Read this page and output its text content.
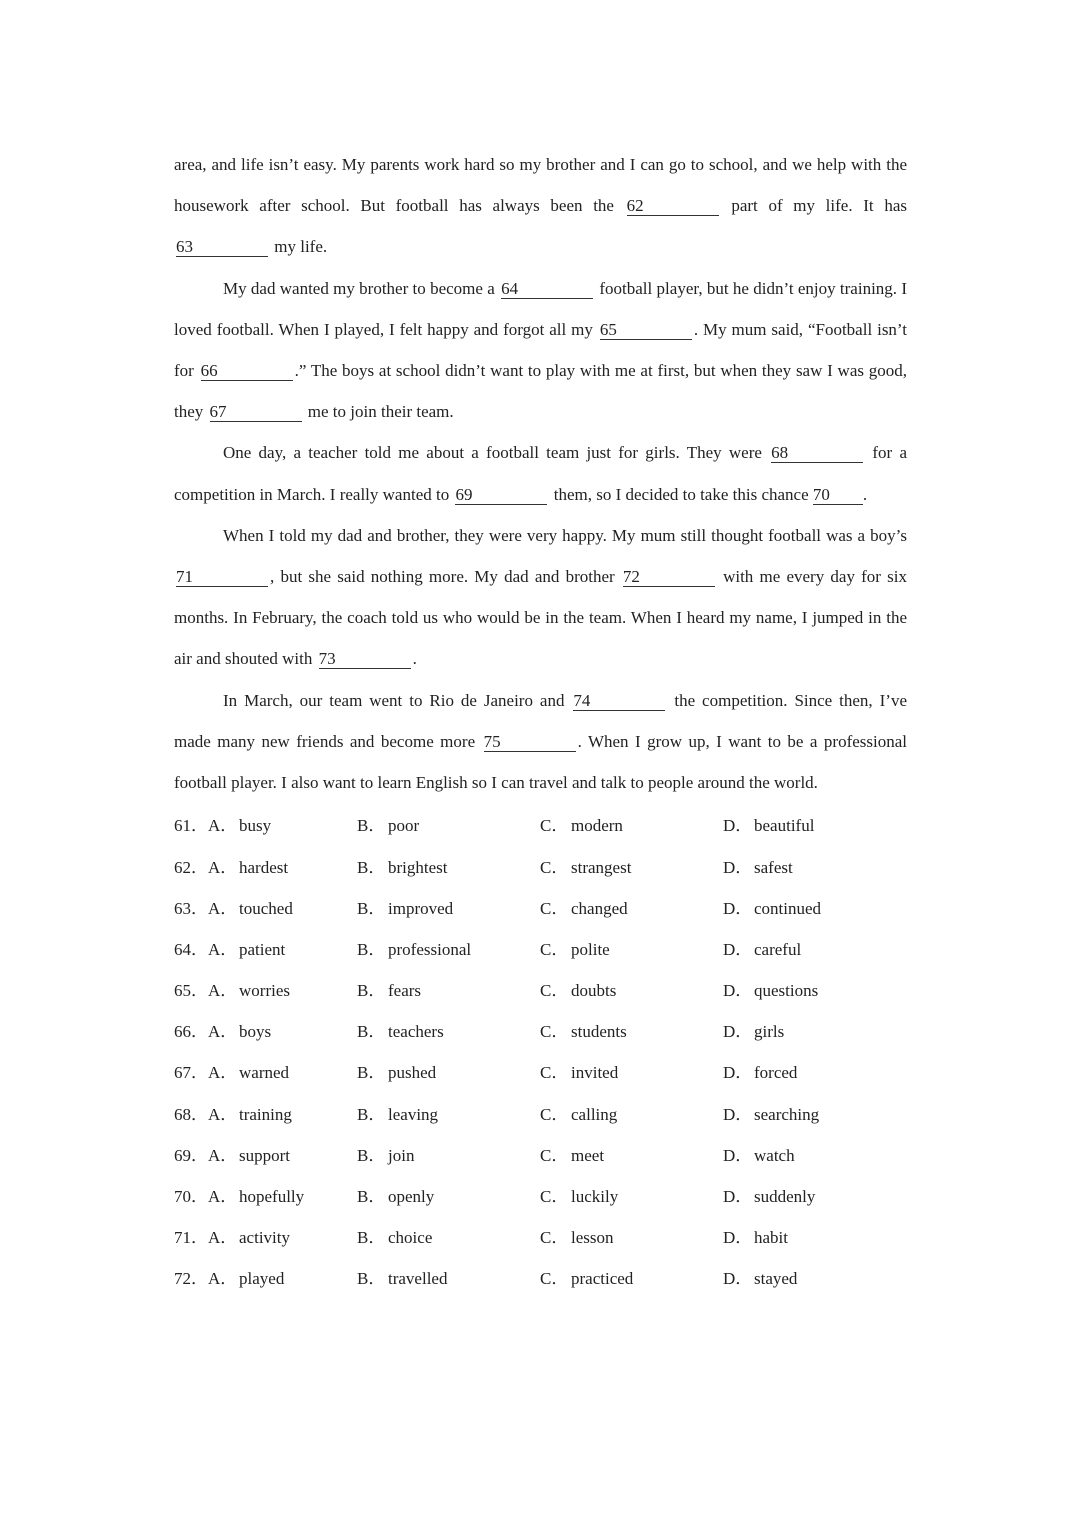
area, and life isn’t easy. My parents work hard so my brother and I can go to school, and we help with the housework after school. But football has always been the 62	part of my life. It has 63	my life.

My dad wanted my brother to become a 64	football player, but he didn’t enjoy training. I loved football. When I played, I felt happy and forgot all my 65	. My mum said, “Football isn’t for 66	.” The boys at school didn’t want to play with me at first, but when they saw I was good, they 67	me to join their team.

One day, a teacher told me about a football team just for girls. They were 68	for a competition in March. I really wanted to 69	them, so I decided to take this chance 70 .

When I told my dad and brother, they were very happy. My mum still thought football was a boy’s 71	, but she said nothing more. My dad and brother 72	with me every day for six months. In February, the coach told us who would be in the team. When I heard my name, I jumped in the air and shouted with 73	.

In March, our team went to Rio de Janeiro and 74	the competition. Since then, I’ve made many new friends and become more 75	. When I grow up, I want to be a professional football player. I also want to learn English so I can travel and talk to people around the world.

61． A． busy	B． poor	C． modern	D． beautiful
62． A． hardest	B． brightest	C． strangest	D． safest
63． A． touched	B． improved	C． changed	D． continued
64． A． patient	B． professional	C． polite	D． careful
65． A． worries	B． fears	C． doubts	D． questions
66． A． boys	B． teachers	C． students	D． girls
67． A． warned	B． pushed	C． invited	D． forced
68． A． training	B． leaving	C． calling	D． searching
69． A． support	B． join	C． meet	D． watch
70． A． hopefully	B． openly	C． luckily	D． suddenly
71． A． activity	B． choice	C． lesson	D． habit
72． A． played	B． travelled	C． practiced	D． stayed
